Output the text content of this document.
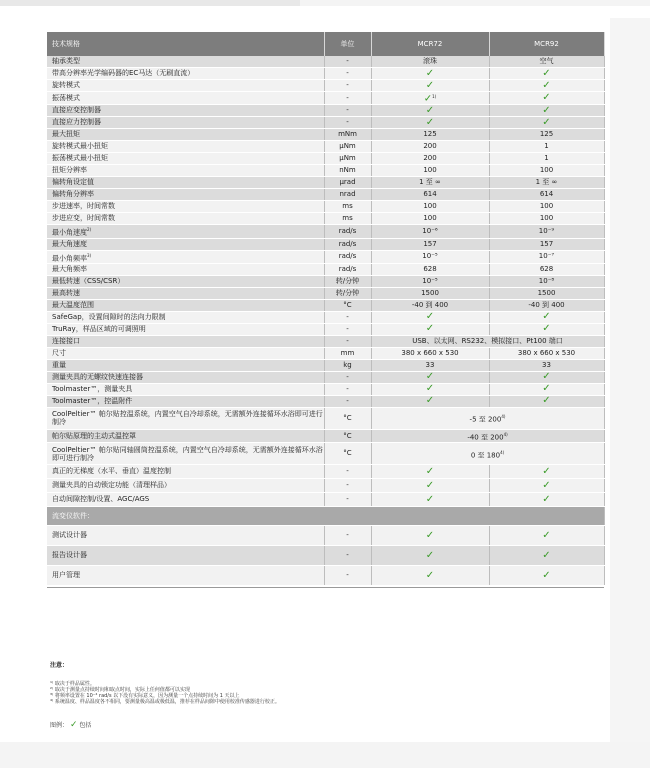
技术规格	单位	MCR72	MCR92
轴承类型	-	滚珠	空气
带高分辨率光学编码器的EC马达（无刷直流）	-	✓	✓
旋转模式	-	✓	✓
振荡模式	-	✓$^{1)}$	✓
直接应变控制器	-	✓	✓
直接应力控制器	-	✓	✓
最大扭矩	mNm	125	125
旋转模式最小扭矩	μNm	200	1
振荡模式最小扭矩	μNm	200	1
扭矩分辨率	nNm	100	100
偏转角设定值	μrad	1 至 ∞	1 至 ∞
偏转角分辨率	nrad	614	614
步进速率，时间常数	ms	100	100
步进应变，时间常数	ms	100	100
最小角速度$^{2)}$	rad/s	10⁻⁶	10⁻⁹
最大角速度	rad/s	157	157
最小角频率$^{3)}$	rad/s	10⁻⁵	10⁻⁷
最大角频率	rad/s	628	628
最低转速（CSS/CSR）	转/分钟	10⁻⁵	10⁻⁸
最高转速	转/分钟	1500	1500
最大温度范围	°C	-40 到 400	-40 到 400
SafeGap，设置间隙时的法向力限制	-	✓	✓
TruRay，样品区域的可调照明	-	✓	✓
连接接口	-	USB、以太网、RS232、模拟接口、Pt100 端口	
尺寸	mm	380 x 660 x 530	380 x 660 x 530
重量	kg	33	33
测量夹具的无螺纹快速连接器	-	✓	✓
Toolmaster™，测量夹具	-	✓	✓
Toolmaster™，控温附件	-	✓	✓
CoolPeltier™ 帕尔贴控温系统，内置空气自冷却系统，无需额外连接循环水浴即可进行制冷	°C	-5 至 200$^{4)}$
帕尔贴原理的主动式温控罩	°C	-40 至 200$^{4)}$
CoolPeltier™ 帕尔贴同轴圆筒控温系统，内置空气自冷却系统，无需额外连接循环水浴即可进行制冷	°C	0 至 180$^{4)}$
真正的无梯度（水平、垂直）温度控制	-	✓	✓
测量夹具的自动锁定功能（清理样品）	-	✓	✓
自动间隙控制/设置、AGC/AGS	-	✓	✓
流变仪软件：			
测试设计器	-	✓	✓
报告设计器	-	✓	✓
用户管理	-	✓	✓
注意：
¹⁾ 取决于样品属性。
²⁾ 取决于测量点持续时间和取点时间，实际上任何值都可以实现
³⁾ 将频率设置在 10⁻⁴ rad/s 以下没有实际意义，因为测量一个点持续时间为 1 天以上
⁴⁾ 系统温度、样品温度各不相同，要测量极高温或极低温，推荐在样品间隙中使用校准传感器进行校正。
图例： ✓ 包括
